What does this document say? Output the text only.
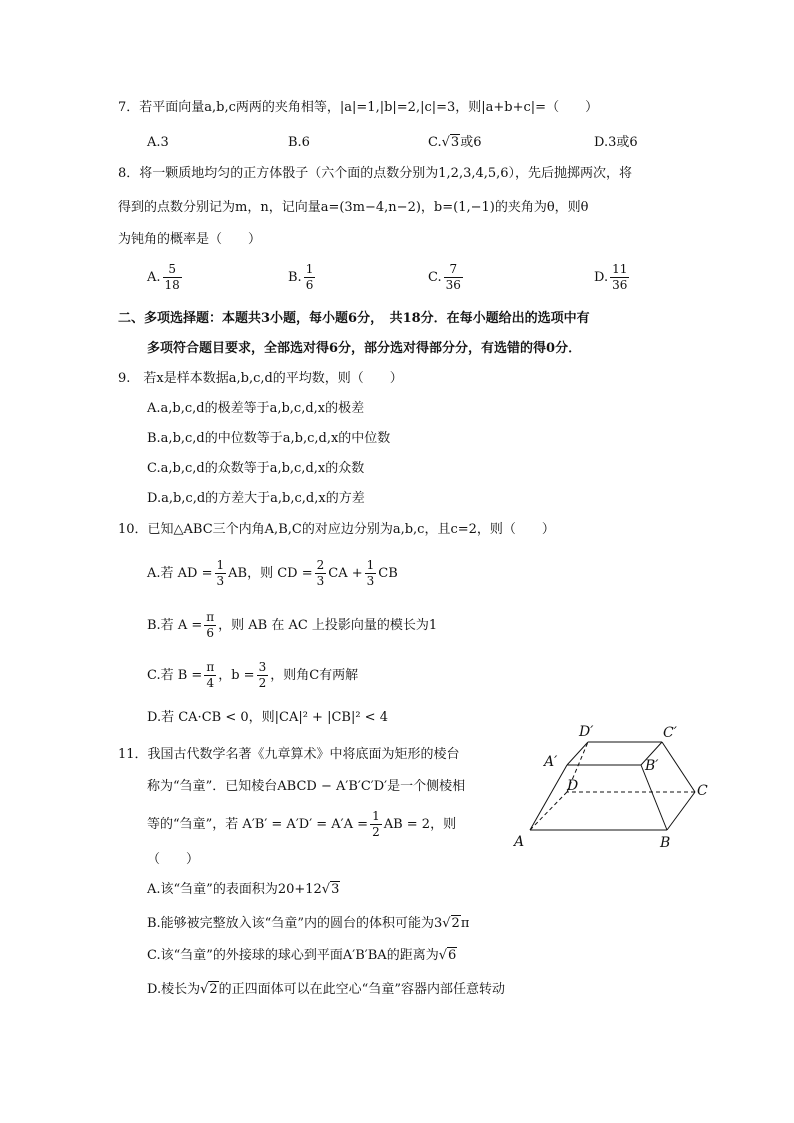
7．若平面向量a,b,c两两的夹角相等，|a|=1,|b|=2,|c|=3，则|a+b+c|=（　　）
A.3	B.6	C.√3或6	D.3或6
8．将一颗质地均匀的正方体骰子（六个面的点数分别为1,2,3,4,5,6），先后抛掷两次，将
得到的点数分别记为m，n，记向量a=(3m−4,n−2)，b=(1,−1)的夹角为θ，则θ
为钝角的概率是（　　）
A. $\frac{5}{18}$	B. $\frac{1}{6}$	C. $\frac{7}{36}$	D. $\frac{11}{36}$
二、多项选择题：本题共3小题，每小题6分，　共18分．在每小题给出的选项中有
多项符合题目要求，全部选对得6分，部分选对得部分分，有选错的得0分．
9.　若x是样本数据a,b,c,d的平均数，则（　　）
A.a,b,c,d的极差等于a,b,c,d,x的极差
B.a,b,c,d的中位数等于a,b,c,d,x的中位数
C.a,b,c,d的众数等于a,b,c,d,x的众数
D.a,b,c,d的方差大于a,b,c,d,x的方差
10．已知△ABC三个内角A,B,C的对应边分别为a,b,c，且c=2，则（　　）
A.若 AD = $\frac{1}{3}$ AB，则 CD = $\frac{2}{3}$ CA + $\frac{1}{3}$ CB
B.若 $A = \frac{\pi}{6}$ ，则 AB 在 AC 上投影向量的模长为1
C.若 $B = \frac{\pi}{4}$ ，$b = \frac{3}{2}$ ，则角C有两解
D.若 CA·CB < 0，则|CA|² + |CB|² < 4
11．我国古代数学名著《九章算术》中将底面为矩形的棱台
称为“刍童”．已知棱台ABCD − A′B′C′D′是一个侧棱相
等的“刍童”，若 $A'B' = A'D' = A'A = \frac{1}{2}$ AB = 2，则
（　　）
A.该“刍童”的表面积为20+12√3
B.能够被完整放入该“刍童”内的圆台的体积可能为3√2π
C.该“刍童”的外接球的球心到平面A′B′BA的距离为√6
D.棱长为√2的正四面体可以在此空心“刍童”容器内部任意转动
A	B
C
D
A′	B′
C′
D′
